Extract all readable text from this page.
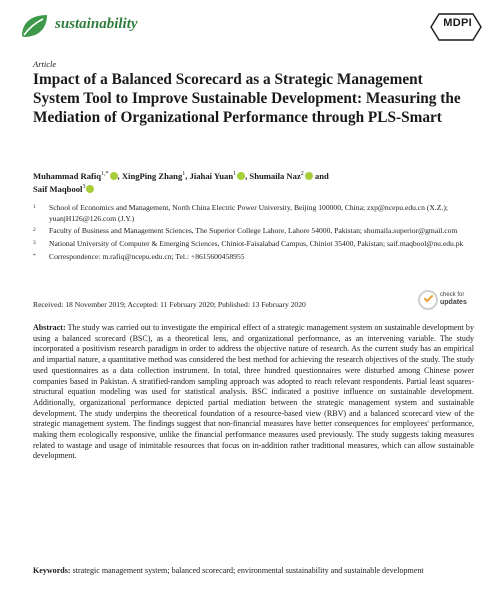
sustainability	MDPI
Article
Impact of a Balanced Scorecard as a Strategic Management System Tool to Improve Sustainable Development: Measuring the Mediation of Organizational Performance through PLS-Smart
Muhammad Rafiq$^{1,*}$ , XingPing Zhang$^1$, Jiahai Yuan$^1$ , Shumaila Naz$^2$ and
Saif Maqbool$^3$
1 School of Economics and Management, North China Electric Power University, Beijing 100000, China; zxp@ncepu.edu.cn (X.Z.); yuanjH126@126.com (J.Y.)
2 Faculty of Business and Management Sciences, The Superior College Lahore, Lahore 54000, Pakistan; shumaila.superior@gmail.com
3 National University of Computer & Emerging Sciences, Chiniot-Faisalabad Campus, Chiniot 35400, Pakistan; saif.maqbool@nu.edu.pk
* Correspondence: m.rafiq@ncepu.edu.cn; Tel.: +8615600458955
Received: 18 November 2019; Accepted: 11 February 2020; Published: 13 February 2020
check for
updates

Abstract: The study was carried out to investigate the empirical effect of a strategic management system on sustainable development by using a balanced scorecard (BSC), as a theoretical lens, and organizational performance, as an intervening variable. The study incorporated a positivism research paradigm in order to address the objective nature of research. As the current study has an empirical and impartial nature, a quantitative method was considered the best method for achieving the research objectives of the study. The study used questionnaires as a data collection instrument. In total, three hundred questionnaires were disturbed among Chinese power companies based in Pakistan. A stratified-random sampling approach was adopted to reach relevant respondents. Partial least squares-structural equation modeling was used for statistical analysis. BSC indicated a positive influence on sustainable development. Additionally, organizational performance depicted partial mediation between the strategic management system and sustainable development. The study underpins the theoretical foundation of a resource-based view (RBV) and a balanced scorecard view of the strategic management system. The findings suggest that non-financial measures have better consequences for employees' performance, making them ecologically responsive, unlike the financial performance measures used previously. The study suggests taking measures related to wastage and usage of inimitable resources that focus on in-addition rather traditional measures, which can allow sustainable development.

Keywords: strategic management system; balanced scorecard; environmental sustainability and sustainable development
